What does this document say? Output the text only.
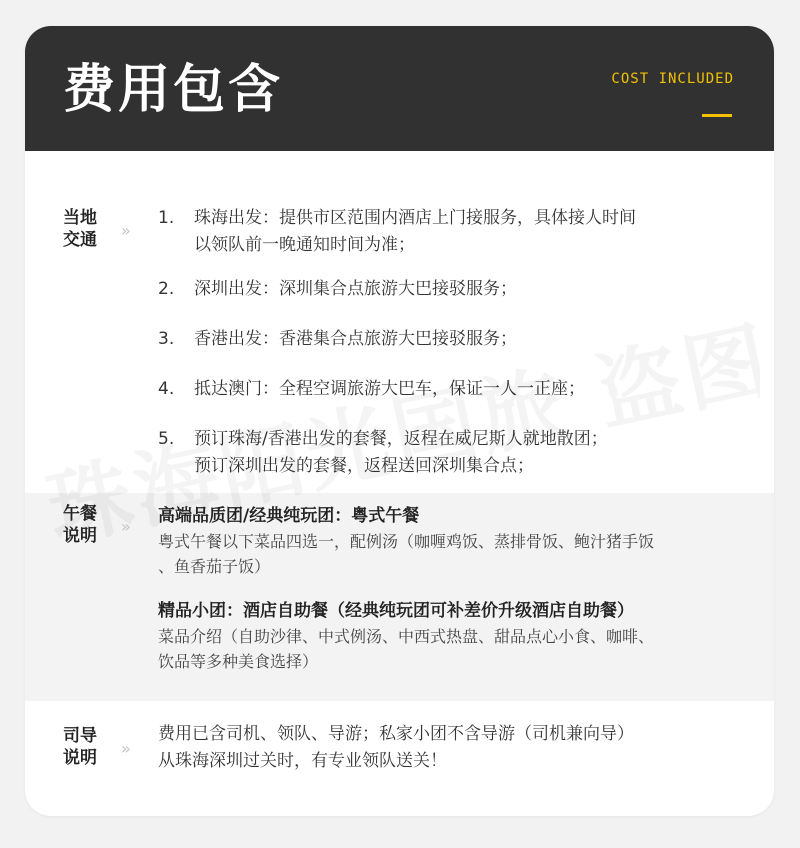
费用包含	COST INCLUDED
当地
交通 »
1.	珠海出发：提供市区范围内酒店上门接服务，具体接人时间
以领队前一晚通知时间为准；
2.	深圳出发：深圳集合点旅游大巴接驳服务；
3.	香港出发：香港集合点旅游大巴接驳服务；
4.	抵达澳门：全程空调旅游大巴车，保证一人一正座；
5.	预订珠海/香港出发的套餐，返程在威尼斯人就地散团；
预订深圳出发的套餐，返程送回深圳集合点；
午餐
说明 »
高端品质团/经典纯玩团：粤式午餐
粤式午餐以下菜品四选一，配例汤（咖喱鸡饭、蒸排骨饭、鲍汁猪手饭
、鱼香茄子饭）
精品小团：酒店自助餐（经典纯玩团可补差价升级酒店自助餐）
菜品介绍（自助沙律、中式例汤、中西式热盘、甜品点心小食、咖啡、
饮品等多种美食选择）
司导
说明 »
费用已含司机、领队、导游；私家小团不含导游（司机兼向导）
从珠海深圳过关时，有专业领队送关！
